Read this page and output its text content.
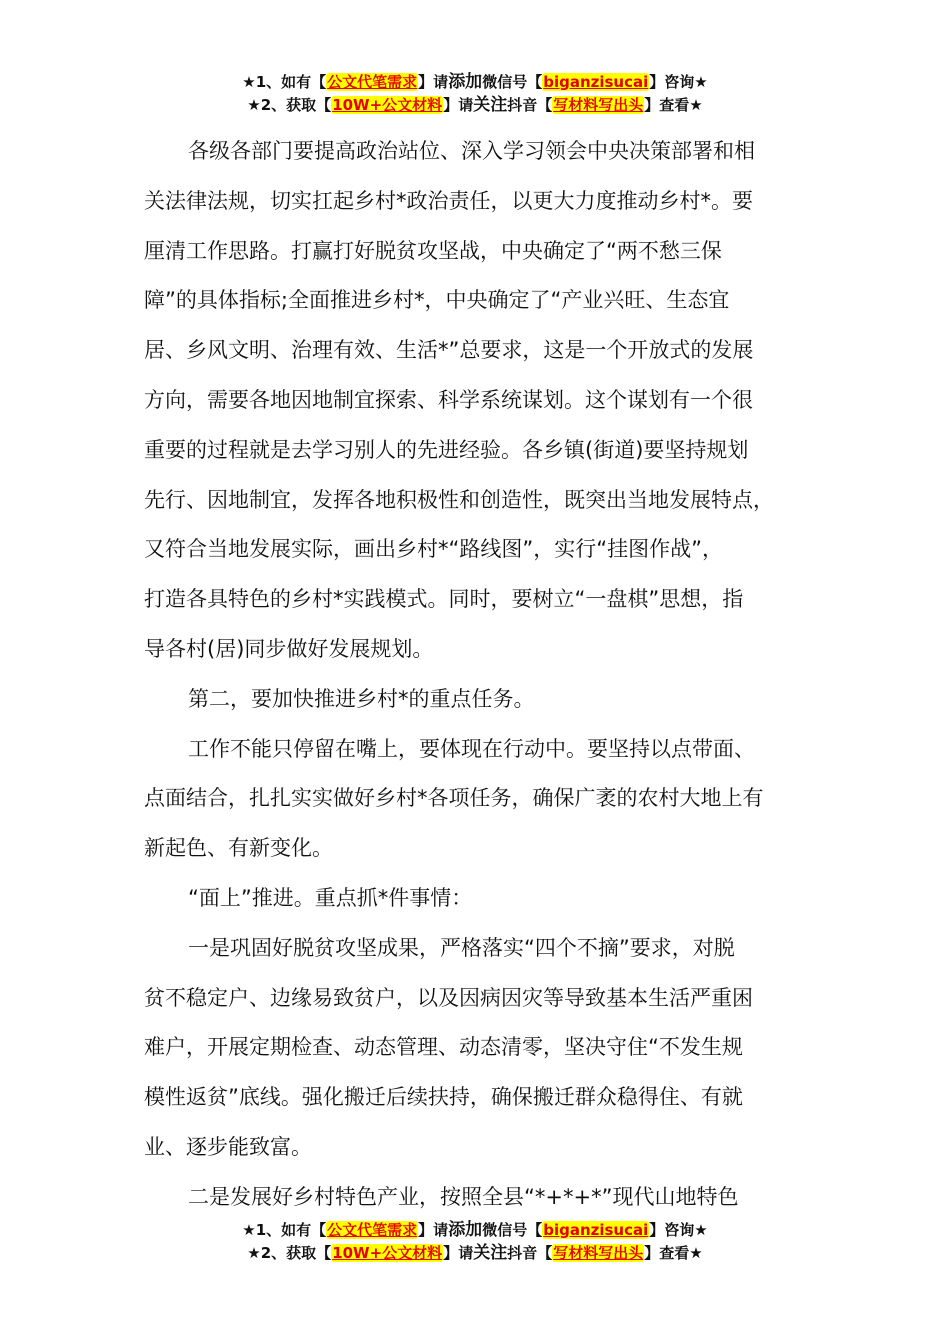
★1、如有【公文代笔需求】请添加微信号【biganzisucai】咨询★
★2、获取【10W+公文材料】请关注抖音【写材料写出头】查看★

各级各部门要提高政治站位、深入学习领会中央决策部署和相

关法律法规，切实扛起乡村*政治责任，以更大力度推动乡村*。要

厘清工作思路。打赢打好脱贫攻坚战，中央确定了“两不愁三保

障”的具体指标;全面推进乡村*，中央确定了“产业兴旺、生态宜

居、乡风文明、治理有效、生活*”总要求，这是一个开放式的发展

方向，需要各地因地制宜探索、科学系统谋划。这个谋划有一个很

重要的过程就是去学习别人的先进经验。各乡镇(街道)要坚持规划

先行、因地制宜，发挥各地积极性和创造性，既突出当地发展特点，

又符合当地发展实际，画出乡村*“路线图”，实行“挂图作战”，

打造各具特色的乡村*实践模式。同时，要树立“一盘棋”思想，指

导各村(居)同步做好发展规划。

第二，要加快推进乡村*的重点任务。

工作不能只停留在嘴上，要体现在行动中。要坚持以点带面、

点面结合，扎扎实实做好乡村*各项任务，确保广袤的农村大地上有

新起色、有新变化。

“面上”推进。重点抓*件事情：

一是巩固好脱贫攻坚成果，严格落实“四个不摘”要求，对脱

贫不稳定户、边缘易致贫户，以及因病因灾等导致基本生活严重困

难户，开展定期检查、动态管理、动态清零，坚决守住“不发生规

模性返贫”底线。强化搬迁后续扶持，确保搬迁群众稳得住、有就

业、逐步能致富。

二是发展好乡村特色产业，按照全县“*+*+*”现代山地特色

★1、如有【公文代笔需求】请添加微信号【biganzisucai】咨询★
★2、获取【10W+公文材料】请关注抖音【写材料写出头】查看★
